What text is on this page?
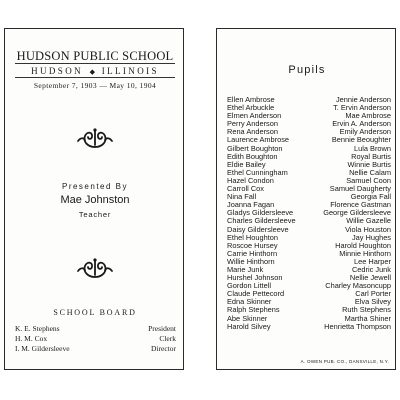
HUDSON PUBLIC SCHOOL
HUDSON ◆ ILLINOIS
September 7, 1903 — May 10, 1904
Presented By
Mae Johnston
Teacher
SCHOOL BOARD
K. E. Stephens	President
H. M. Cox	Clerk
I. M. Gildersleeve	Director
Pupils
Ellen Ambrose
Ethel Arbuckle
Elmen Anderson
Perry Anderson
Rena Anderson
Laurence Ambrose
Gilbert Boughton
Edith Boughton
Eldie Bailey
Ethel Cunningham
Hazel Condon
Carroll Cox
Nina Fall
Joanna Fagan
Gladys Gildersleeve
Charles Gildersleeve
Daisy Gildersleeve
Ethel Houghton
Roscoe Hursey
Carrie Hinthorn
Willie Hinthorn
Marie Junk
Hurshel Johnson
Gordon Littell
Claude Pettecord
Edna Skinner
Ralph Stephens
Abe Skinner
Harold Silvey
Jennie Anderson
T. Ervin Anderson
Mae Ambrose
Ervin A. Anderson
Emily Anderson
Bennie Beoughter
Lula Brown
Royal Burtis
Winnie Burtis
Nellie Calam
Samuel Coon
Samuel Daugherty
Georgia Fall
Florence Gastman
George Gildersleeve
Willie Gazelle
Viola Houston
Jay Hughes
Harold Houghton
Minnie Hinthorn
Lee Harper
Cedric Junk
Nellie Jewell
Charley Masoncupp
Carl Porter
Elva Silvey
Ruth Stephens
Martha Shiner
Henrietta Thompson
A. OWEN PUB. CO., DANSVILLE, N.Y.
